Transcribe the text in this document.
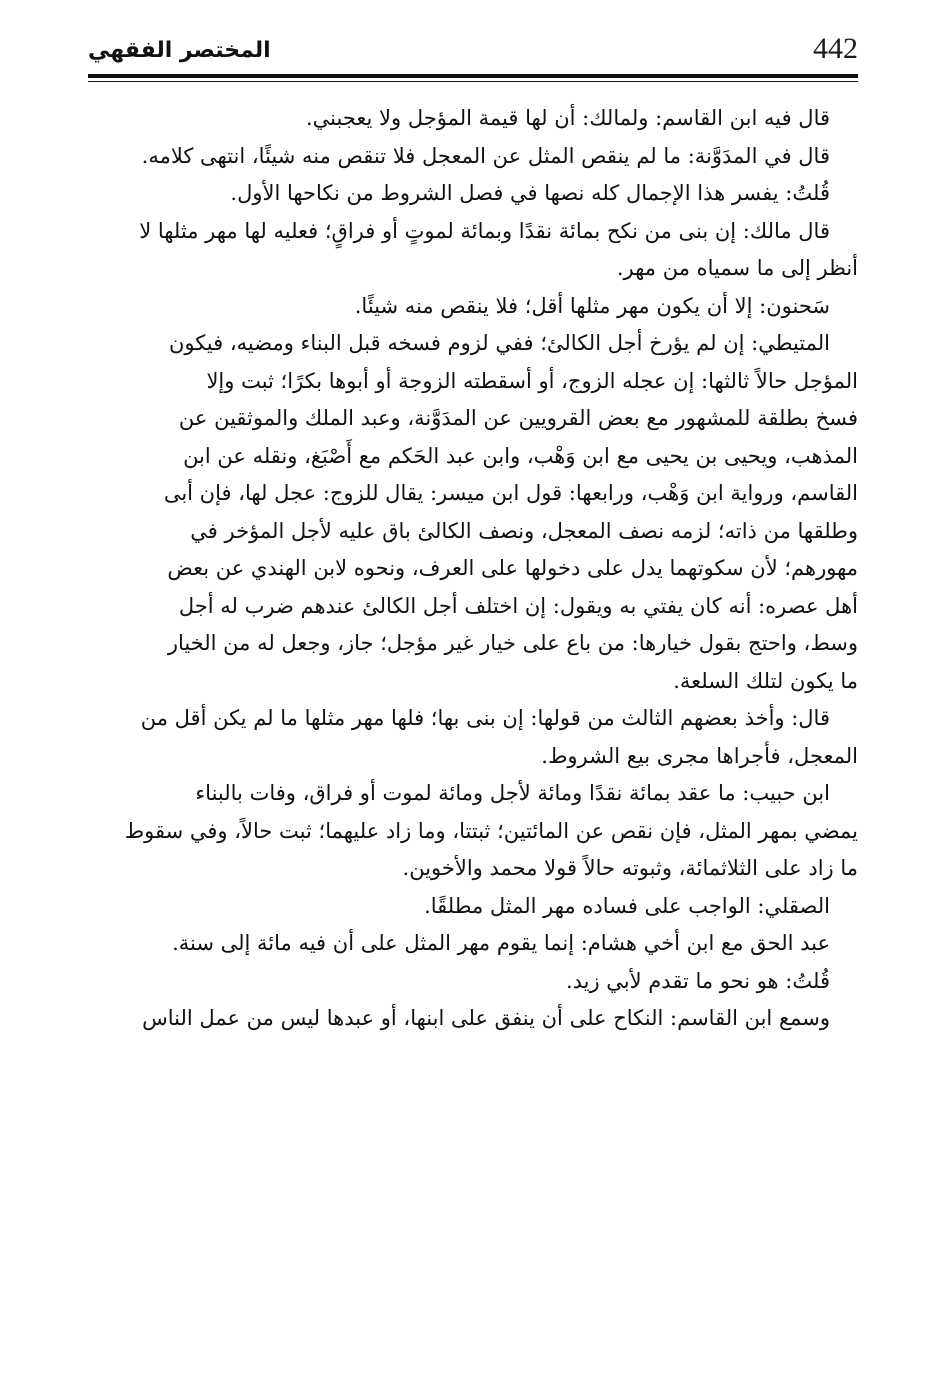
442
المختصر الفقهي
قال فيه ابن القاسم: ولمالك: أن لها قيمة المؤجل ولا يعجبني.
قال في المدَوَّنة: ما لم ينقص المثل عن المعجل فلا تنقص منه شيئًا، انتهى كلامه.
قُلتُ: يفسر هذا الإجمال كله نصها في فصل الشروط من نكاحها الأول.
قال مالك: إن بنى من نكح بمائة نقدًا وبمائة لموتٍ أو فراقٍ؛ فعليه لها مهر مثلها لا
أنظر إلى ما سمياه من مهر.
سَحنون: إلا أن يكون مهر مثلها أقل؛ فلا ينقص منه شيئًا.
المتيطي: إن لم يؤرخ أجل الكالئ؛ ففي لزوم فسخه قبل البناء ومضيه، فيكون
المؤجل حالاً ثالثها: إن عجله الزوج، أو أسقطته الزوجة أو أبوها بكرًا؛ ثبت وإلا
فسخ بطلقة للمشهور مع بعض القرويين عن المدَوَّنة، وعبد الملك والموثقين عن
المذهب، ويحيى بن يحيى مع ابن وَهْب، وابن عبد الحَكم مع أَصْبَغ، ونقله عن ابن
القاسم، ورواية ابن وَهْب، ورابعها: قول ابن ميسر: يقال للزوج: عجل لها، فإن أبى
وطلقها من ذاته؛ لزمه نصف المعجل، ونصف الكالئ باق عليه لأجل المؤخر في
مهورهم؛ لأن سكوتهما يدل على دخولها على العرف، ونحوه لابن الهندي عن بعض
أهل عصره: أنه كان يفتي به ويقول: إن اختلف أجل الكالئ عندهم ضرب له أجل
وسط، واحتج بقول خيارها: من باع على خيار غير مؤجل؛ جاز، وجعل له من الخيار
ما يكون لتلك السلعة.
قال: وأخذ بعضهم الثالث من قولها: إن بنى بها؛ فلها مهر مثلها ما لم يكن أقل من
المعجل، فأجراها مجرى بيع الشروط.
ابن حبيب: ما عقد بمائة نقدًا ومائة لأجل ومائة لموت أو فراق، وفات بالبناء
يمضي بمهر المثل، فإن نقص عن المائتين؛ ثبتتا، وما زاد عليهما؛ ثبت حالاً، وفي سقوط
ما زاد على الثلاثمائة، وثبوته حالاً قولا محمد والأخوين.
الصقلي: الواجب على فساده مهر المثل مطلقًا.
عبد الحق مع ابن أخي هشام: إنما يقوم مهر المثل على أن فيه مائة إلى سنة.
قُلتُ: هو نحو ما تقدم لأبي زيد.
وسمع ابن القاسم: النكاح على أن ينفق على ابنها، أو عبدها ليس من عمل الناس
